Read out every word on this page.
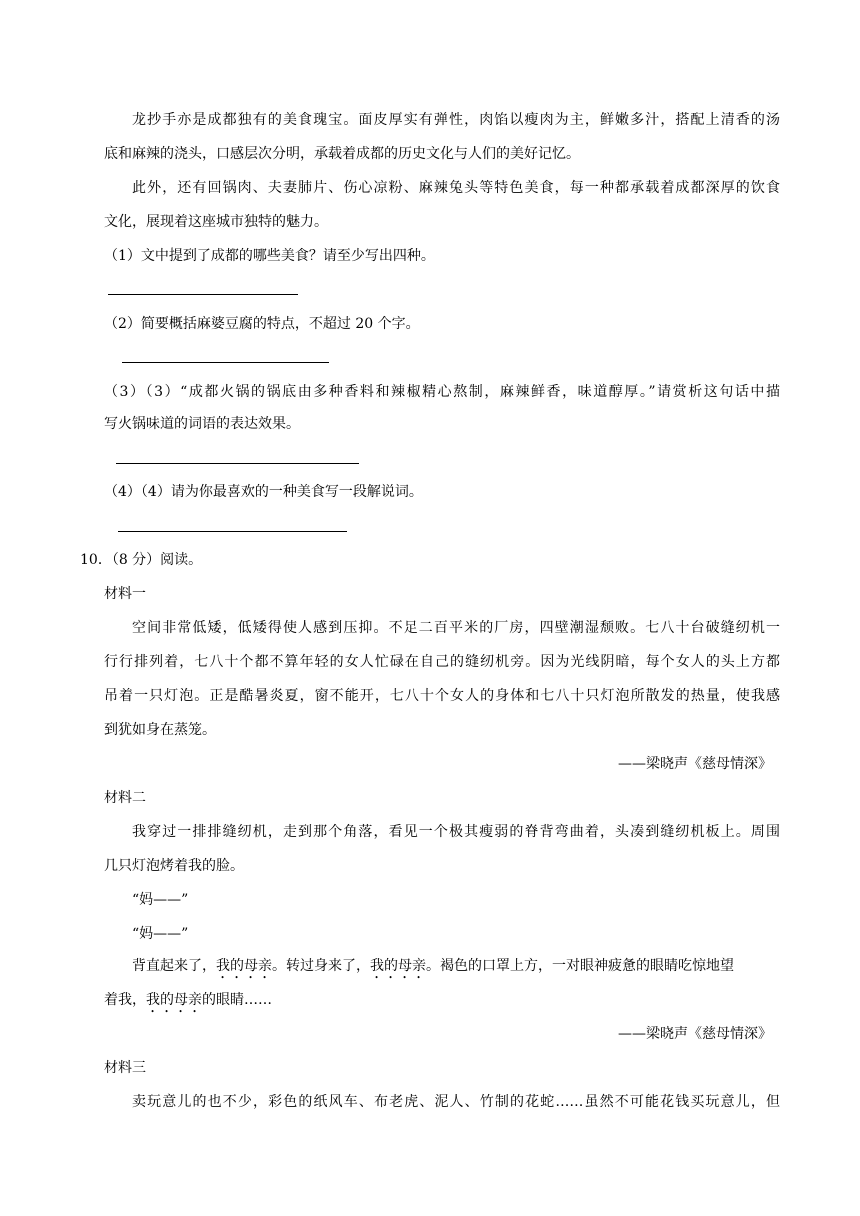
龙抄手亦是成都独有的美食瑰宝。面皮厚实有弹性，肉馅以瘦肉为主，鲜嫩多汁，搭配上清香的汤
底和麻辣的浇头，口感层次分明，承载着成都的历史文化与人们的美好记忆。
此外，还有回锅肉、夫妻肺片、伤心凉粉、麻辣兔头等特色美食，每一种都承载着成都深厚的饮食
文化，展现着这座城市独特的魅力。
（1）文中提到了成都的哪些美食？请至少写出四种。
（2）简要概括麻婆豆腐的特点，不超过 20 个字。
（3）（3）“成都火锅的锅底由多种香料和辣椒精心熬制，麻辣鲜香，味道醇厚。”请赏析这句话中描
写火锅味道的词语的表达效果。
（4）（4）请为你最喜欢的一种美食写一段解说词。
10．（8 分）阅读。
材料一
空间非常低矮，低矮得使人感到压抑。不足二百平米的厂房，四壁潮湿颓败。七八十台破缝纫机一
行行排列着，七八十个都不算年轻的女人忙碌在自己的缝纫机旁。因为光线阴暗，每个女人的头上方都
吊着一只灯泡。正是酷暑炎夏，窗不能开，七八十个女人的身体和七八十只灯泡所散发的热量，使我感
到犹如身在蒸笼。
——梁晓声《慈母情深》
材料二
我穿过一排排缝纫机，走到那个角落，看见一个极其瘦弱的脊背弯曲着，头凑到缝纫机板上。周围
几只灯泡烤着我的脸。
“妈——”
“妈——”
背直起来了，我的母亲。转过身来了，我的母亲。褐色的口罩上方，一对眼神疲惫的眼睛吃惊地望
着我，我的母亲的眼睛……
——梁晓声《慈母情深》
材料三
卖玩意儿的也不少，彩色的纸风车、布老虎、泥人、竹制的花蛇……虽然不可能花钱买玩意儿，但
